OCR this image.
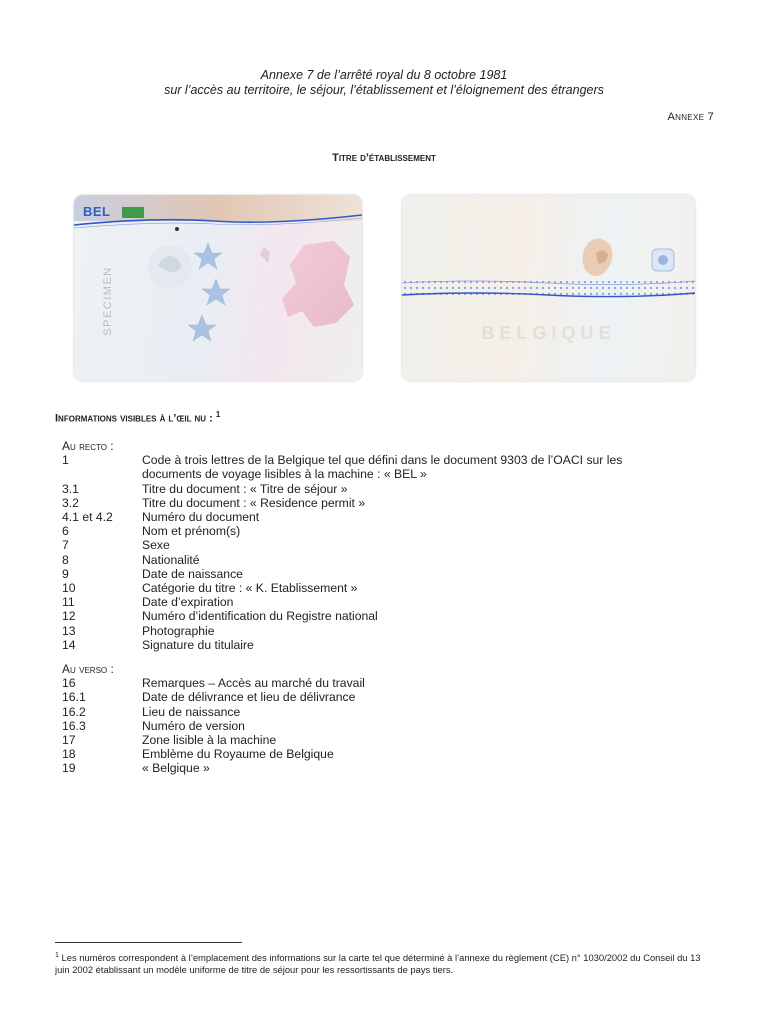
Annexe 7 de l’arrêté royal du 8 octobre 1981
sur l’accès au territoire, le séjour, l’établissement et l’éloignement des étrangers
Annexe 7
Titre d’établissement
BEL
SPECIMEN	BELGIQUE
Informations visibles à l’œil nu : $^1$
Au recto :
1	Code à trois lettres de la Belgique tel que défini dans le document 9303 de l’OACI sur les documents de voyage lisibles à la machine : « BEL »
3.1	Titre du document : « Titre de séjour »
3.2	Titre du document : « Residence permit »
4.1 et 4.2	Numéro du document
6	Nom et prénom(s)
7	Sexe
8	Nationalité
9	Date de naissance
10	Catégorie du titre : « K. Etablissement »
11	Date d’expiration
12	Numéro d’identification du Registre national
13	Photographie
14	Signature du titulaire
Au verso :
16	Remarques – Accès au marché du travail
16.1	Date de délivrance et lieu de délivrance
16.2	Lieu de naissance
16.3	Numéro de version
17	Zone lisible à la machine
18	Emblème du Royaume de Belgique
19	« Belgique »
$^1$ Les numéros correspondent à l’emplacement des informations sur la carte tel que déterminé à l’annexe du règlement (CE) n° 1030/2002 du Conseil du 13 juin 2002 établissant un modèle uniforme de titre de séjour pour les ressortissants de pays tiers.
